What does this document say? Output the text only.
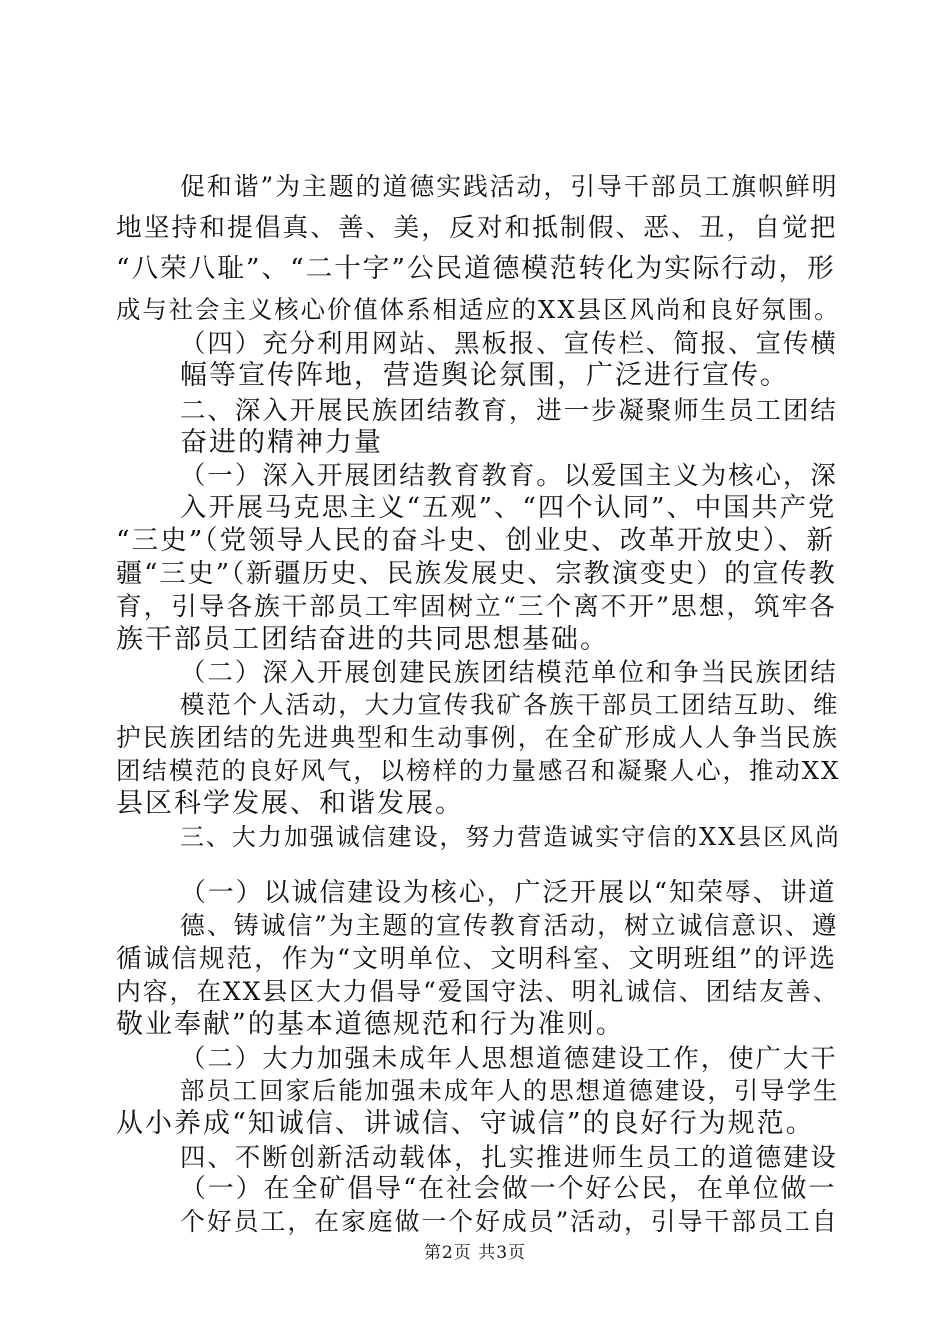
促和谐”为主题的道德实践活动，引导干部员工旗帜鲜明
地坚持和提倡真、善、美，反对和抵制假、恶、丑，自觉把
“八荣八耻”、“二十字”公民道德模范转化为实际行动，形
成与社会主义核心价值体系相适应的XX县区风尚和良好氛围。
（四）充分利用网站、黑板报、宣传栏、简报、宣传横
幅等宣传阵地，营造舆论氛围，广泛进行宣传。
二、深入开展民族团结教育，进一步凝聚师生员工团结
奋进的精神力量
（一）深入开展团结教育教育。以爱国主义为核心，深
入开展马克思主义“五观”、“四个认同”、中国共产党
“三史”（党领导人民的奋斗史、创业史、改革开放史）、新
疆“三史”（新疆历史、民族发展史、宗教演变史）的宣传教
育，引导各族干部员工牢固树立“三个离不开”思想，筑牢各
族干部员工团结奋进的共同思想基础。
（二）深入开展创建民族团结模范单位和争当民族团结
模范个人活动，大力宣传我矿各族干部员工团结互助、维
护民族团结的先进典型和生动事例，在全矿形成人人争当民族
团结模范的良好风气，以榜样的力量感召和凝聚人心，推动XX
县区科学发展、和谐发展。
三、大力加强诚信建设，努力营造诚实守信的XX县区风尚
（一）以诚信建设为核心，广泛开展以“知荣辱、讲道
德、铸诚信”为主题的宣传教育活动，树立诚信意识、遵
循诚信规范，作为“文明单位、文明科室、文明班组”的评选
内容，在XX县区大力倡导“爱国守法、明礼诚信、团结友善、
敬业奉献”的基本道德规范和行为准则。
（二）大力加强未成年人思想道德建设工作，使广大干
部员工回家后能加强未成年人的思想道德建设，引导学生
从小养成“知诚信、讲诚信、守诚信”的良好行为规范。
四、不断创新活动载体，扎实推进师生员工的道德建设
（一）在全矿倡导“在社会做一个好公民，在单位做一
个好员工，在家庭做一个好成员”活动，引导干部员工自
第2页 共3页
